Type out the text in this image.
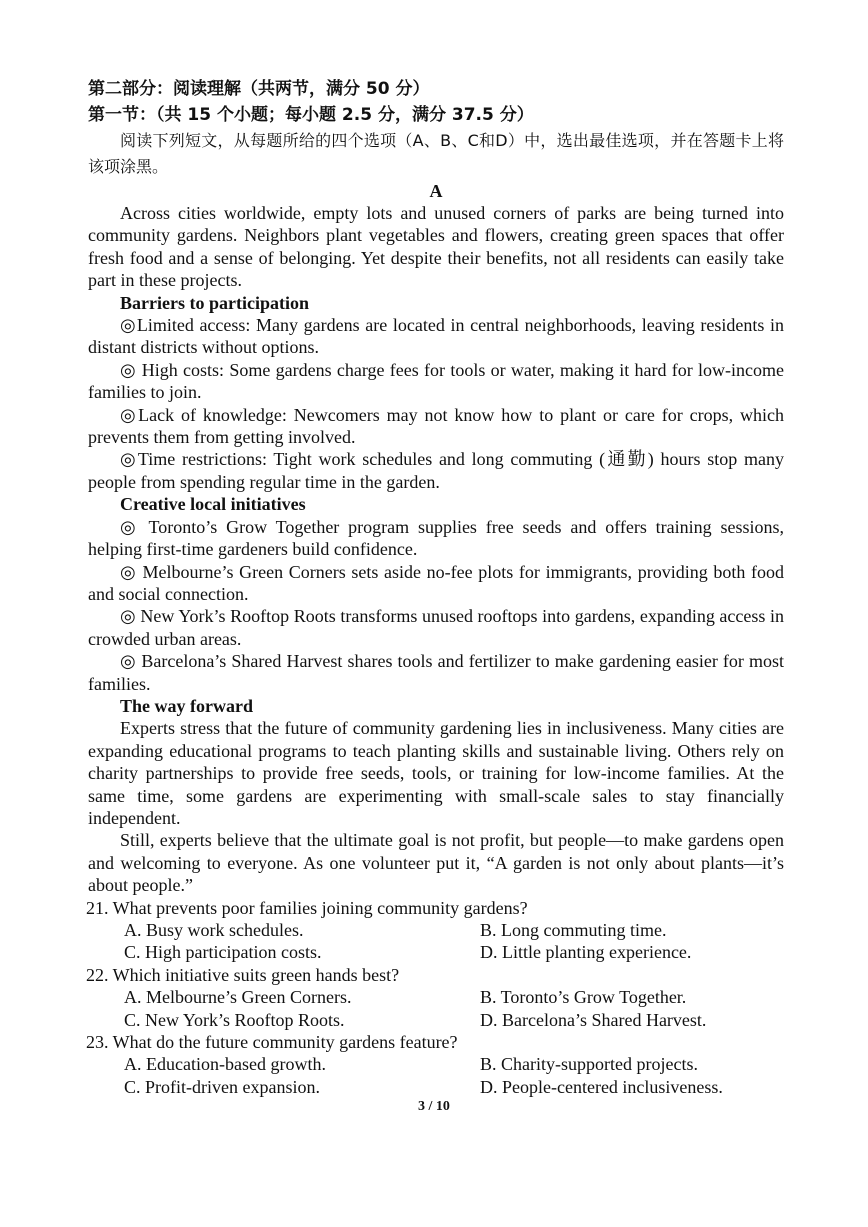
第二部分：阅读理解（共两节，满分 50 分）

第一节：（共 15 个小题；每小题 2.5 分，满分 37.5 分）

阅读下列短文，从每题所给的四个选项（A、B、C和D）中，选出最佳选项，并在答题卡上将该项涂黑。

A

Across cities worldwide, empty lots and unused corners of parks are being turned into community gardens. Neighbors plant vegetables and flowers, creating green spaces that offer fresh food and a sense of belonging. Yet despite their benefits, not all residents can easily take part in these projects.

Barriers to participation

◎Limited access: Many gardens are located in central neighborhoods, leaving residents in distant districts without options.

◎ High costs: Some gardens charge fees for tools or water, making it hard for low-income families to join.

◎Lack of knowledge: Newcomers may not know how to plant or care for crops, which prevents them from getting involved.

◎Time restrictions: Tight work schedules and long commuting (通勤) hours stop many people from spending regular time in the garden.

Creative local initiatives

◎ Toronto’s Grow Together program supplies free seeds and offers training sessions, helping first-time gardeners build confidence.

◎ Melbourne’s Green Corners sets aside no-fee plots for immigrants, providing both food and social connection.

◎ New York’s Rooftop Roots transforms unused rooftops into gardens, expanding access in crowded urban areas.

◎ Barcelona’s Shared Harvest shares tools and fertilizer to make gardening easier for most families.

The way forward

Experts stress that the future of community gardening lies in inclusiveness. Many cities are expanding educational programs to teach planting skills and sustainable living. Others rely on charity partnerships to provide free seeds, tools, or training for low-income families. At the same time, some gardens are experimenting with small-scale sales to stay financially independent.

Still, experts believe that the ultimate goal is not profit, but people—to make gardens open and welcoming to everyone. As one volunteer put it, “A garden is not only about plants—it’s about people.”

21. What prevents poor families joining community gardens?

A. Busy work schedules.	B. Long commuting time.
C. High participation costs.	D. Little planting experience.

22. Which initiative suits green hands best?

A. Melbourne’s Green Corners.	B. Toronto’s Grow Together.
C. New York’s Rooftop Roots.	D. Barcelona’s Shared Harvest.

23. What do the future community gardens feature?

A. Education-based growth.	B. Charity-supported projects.
C. Profit-driven expansion.	D. People-centered inclusiveness.
3 / 10
